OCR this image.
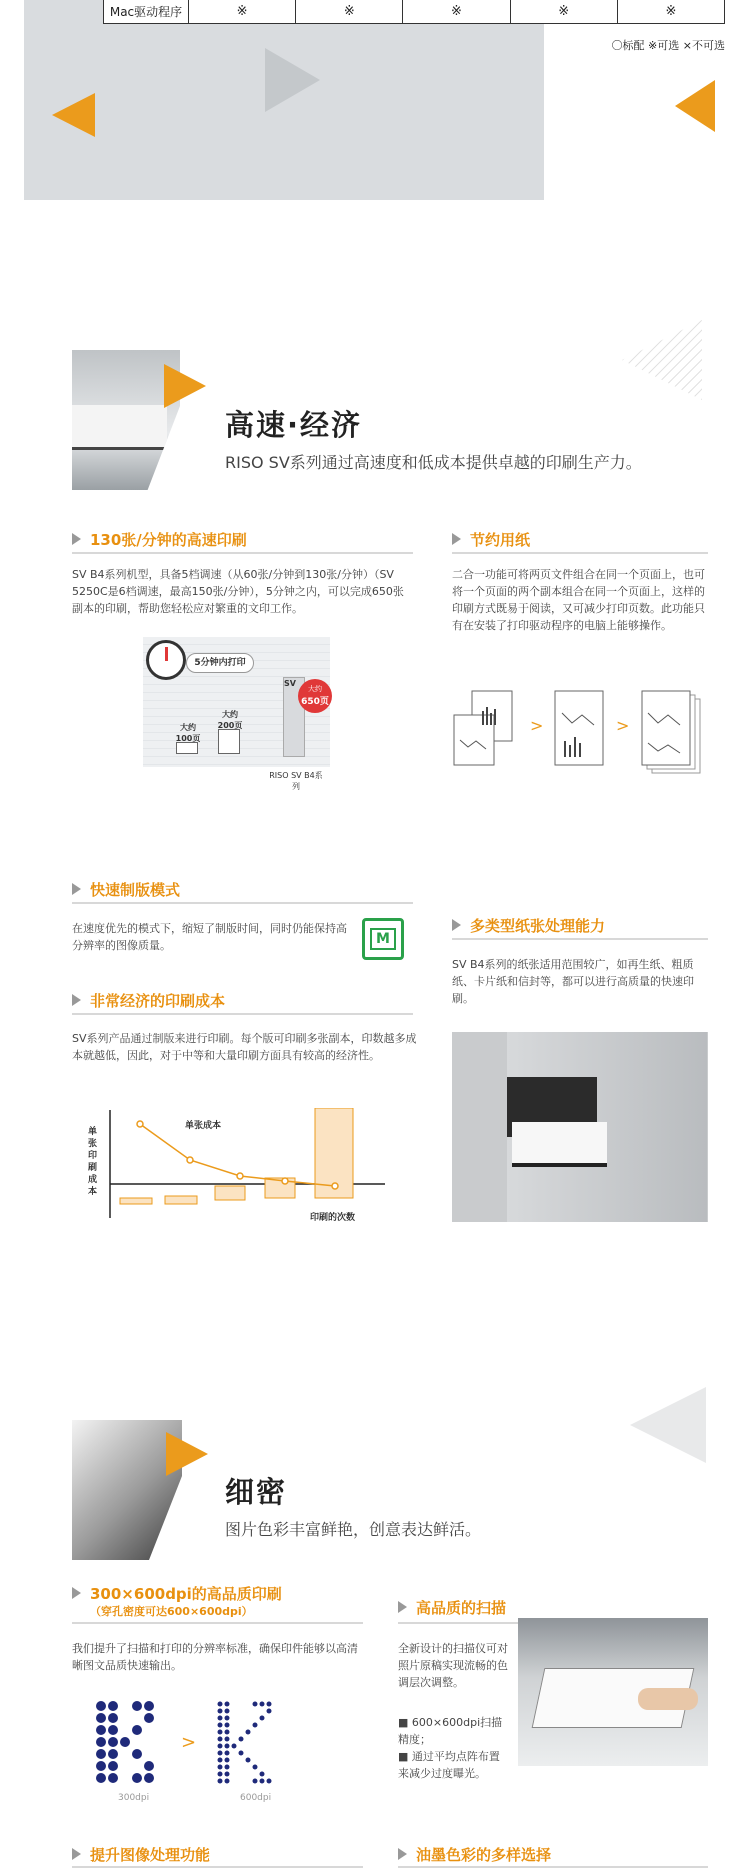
Mac驱动程序	※	※	※	※	※
〇标配 ※可选 ×不可选
高速·经济
RISO SV系列通过高速度和低成本提供卓越的印刷生产力。
130张/分钟的高速印刷
SV B4系列机型，具备5档调速（从60张/分钟到130张/分钟）（SV 5250C是6档调速，最高150张/分钟），5分钟之内，可以完成650张副本的印刷，帮助您轻松应对繁重的文印工作。
5分钟内打印
大约 100页
大约 200页
SV
大约
650页
RISO SV B4系列
节约用纸
二合一功能可将两页文件组合在同一个页面上，也可将一个页面的两个副本组合在同一个页面上，这样的印刷方式既易于阅读，又可减少打印页数。此功能只有在安装了打印驱动程序的电脑上能够操作。
>	>
快速制版模式
在速度优先的模式下，缩短了制版时间，同时仍能保持高分辨率的图像质量。	M
非常经济的印刷成本
SV系列产品通过制版来进行印刷。每个版可印刷多张副本，印数越多成本就越低，因此，对于中等和大量印刷方面具有较高的经济性。
单张印刷成本
单张成本
印刷的次数
多类型纸张处理能力
SV B4系列的纸张适用范围较广，如再生纸、粗质纸、卡片纸和信封等，都可以进行高质量的快速印刷。
细密
图片色彩丰富鲜艳，创意表达鲜活。
300×600dpi的高品质印刷
（穿孔密度可达600×600dpi）
我们提升了扫描和打印的分辨率标准，确保印件能够以高清晰图文品质快速输出。
>
300dpi	600dpi
高品质的扫描
全新设计的扫描仪可对照片原稿实现流畅的色调层次调整。
■ 600×600dpi扫描精度；
■ 通过平均点阵布置来减少过度曝光。
提升图像处理功能	油墨色彩的多样选择
